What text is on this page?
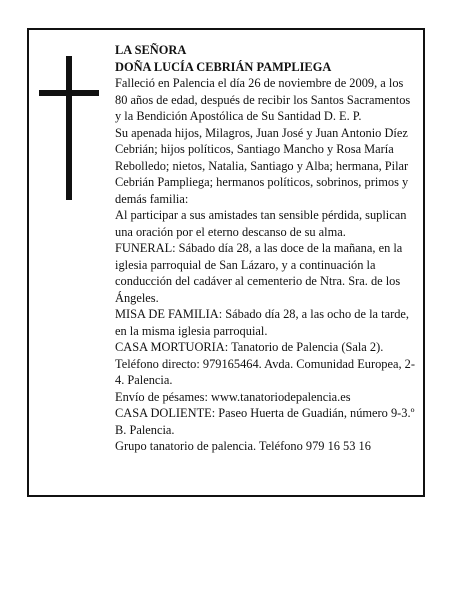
LA SEÑORA

DOÑA LUCÍA CEBRIÁN PAMPLIEGA

Falleció en Palencia el día 26 de noviembre de 2009, a los 80 años de edad, después de recibir los Santos Sacramentos y la Bendición Apostólica de Su Santidad D. E. P.

Su apenada hijos, Milagros, Juan José y Juan Antonio Díez Cebrián; hijos políticos, Santiago Mancho y Rosa María Rebolledo; nietos, Natalia, Santiago y Alba; hermana, Pilar Cebrián Pampliega; hermanos políticos, sobrinos, primos y demás familia:

Al participar a sus amistades tan sensible pérdida, suplican una oración por el eterno descanso de su alma.

FUNERAL: Sábado día 28, a las doce de la mañana, en la iglesia parroquial de San Lázaro, y a continuación la conducción del cadáver al cementerio de Ntra. Sra. de los Ángeles.

MISA DE FAMILIA: Sábado día 28, a las ocho de la tarde, en la misma iglesia parroquial.

CASA MORTUORIA: Tanatorio de Palencia (Sala 2). Teléfono directo: 979165464. Avda. Comunidad Europea, 2-4. Palencia.

Envío de pésames: www.tanatoriodepalencia.es

CASA DOLIENTE: Paseo Huerta de Guadián, número 9-3.º B. Palencia.

Grupo tanatorio de palencia. Teléfono 979 16 53 16
